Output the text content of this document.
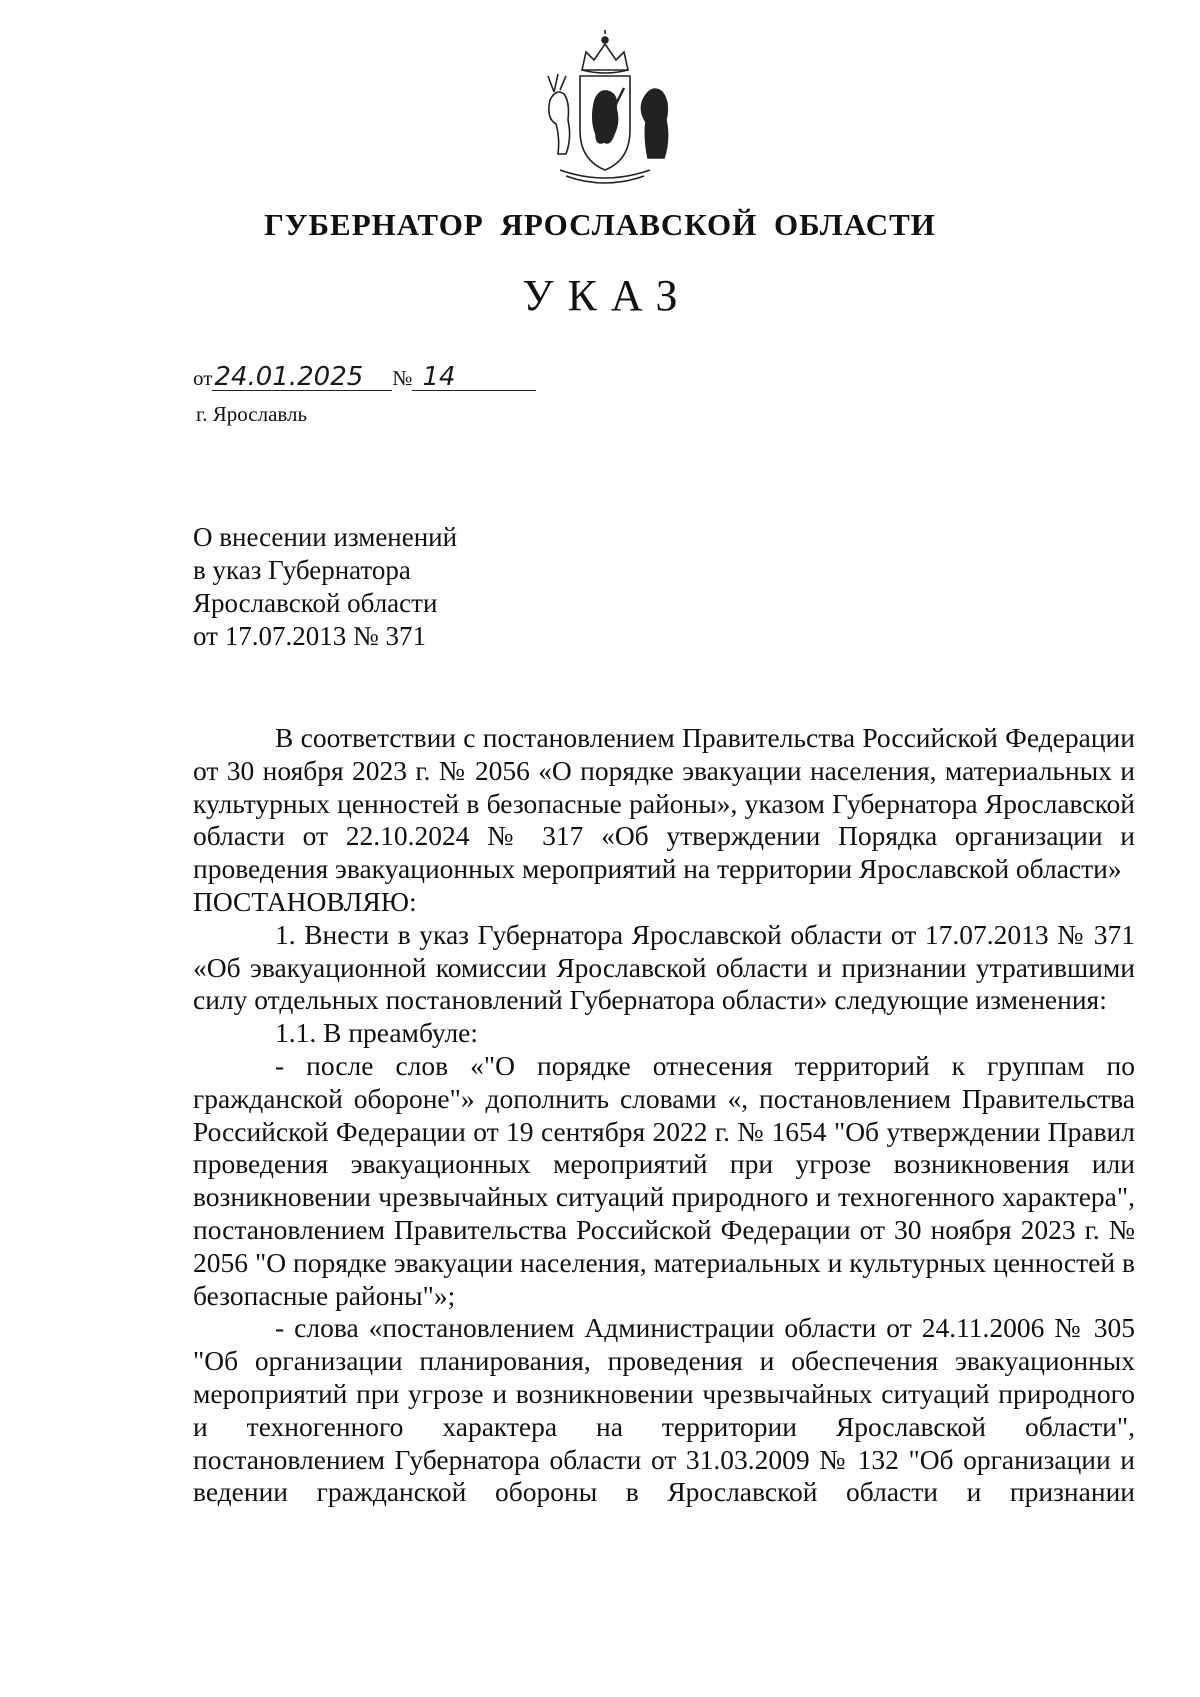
ГУБЕРНАТОР ЯРОСЛАВСКОЙ ОБЛАСТИ
УКАЗ
от24.01.2025 № 14
г. Ярославль
О внесении изменений
в указ Губернатора
Ярославской области
от 17.07.2013 № 371

В соответствии с постановлением Правительства Российской Федерации от 30 ноября 2023 г. № 2056 «О порядке эвакуации населения, материальных и культурных ценностей в безопасные районы», указом Губернатора Ярославской области от 22.10.2024 № 317 «Об утверждении Порядка организации и проведения эвакуационных мероприятий на территории Ярославской области»

ПОСТАНОВЛЯЮ:

1. Внести в указ Губернатора Ярославской области от 17.07.2013 № 371 «Об эвакуационной комиссии Ярославской области и признании утратившими силу отдельных постановлений Губернатора области» следующие изменения:

1.1. В преамбуле:

- после слов «"О порядке отнесения территорий к группам по гражданской обороне"» дополнить словами «, постановлением Правительства Российской Федерации от 19 сентября 2022 г. № 1654 "Об утверждении Правил проведения эвакуационных мероприятий при угрозе возникновения или возникновении чрезвычайных ситуаций природного и техногенного характера", постановлением Правительства Российской Федерации от 30 ноября 2023 г. № 2056 "О порядке эвакуации населения, материальных и культурных ценностей в безопасные районы"»;

- слова «постановлением Администрации области от 24.11.2006 № 305 "Об организации планирования, проведения и обеспечения эвакуационных мероприятий при угрозе и возникновении чрезвычайных ситуаций природного и техногенного характера на территории Ярославской области", постановлением Губернатора области от 31.03.2009 № 132 "Об организации и ведении гражданской обороны в Ярославской области и признании
